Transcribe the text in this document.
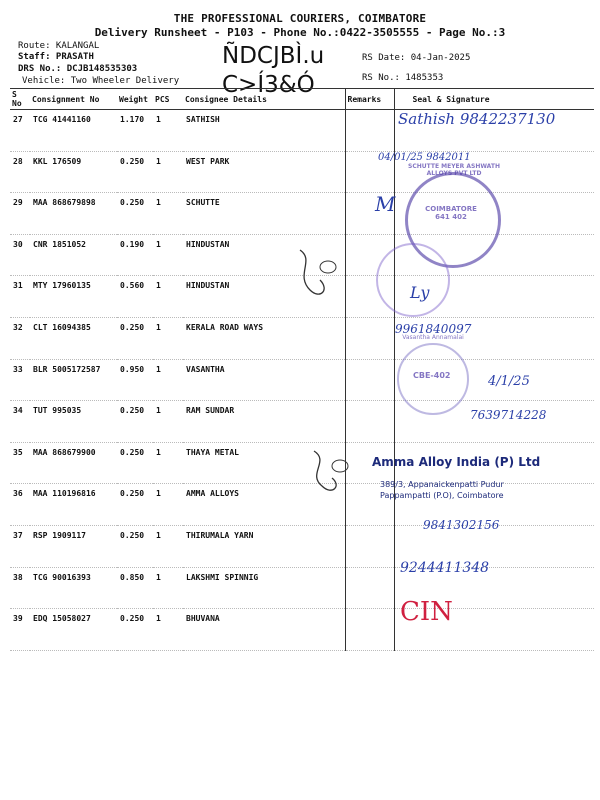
THE PROFESSIONAL COURIERS, COIMBATORE
Delivery Runsheet - P103 - Phone No.:0422-3505555 - Page No.:3
Route: KALANGAL
Staff: PRASATH
DRS No.: DCJB148535303
Vehicle: Two Wheeler Delivery
RS Date: 04-Jan-2025
RS No.: 1485353
ÑDCJBÌ.u
C>Í3&Ó
S No	Consignment No	Weight	PCS	Consignee Details	Remarks	Seal & Signature
27	TCG 41441160	1.170	1	SATHISH		
28	KKL 176509	0.250	1	WEST PARK		
29	MAA 868679898	0.250	1	SCHUTTE		
30	CNR 1851052	0.190	1	HINDUSTAN		
31	MTY 17960135	0.560	1	HINDUSTAN		
32	CLT 16094385	0.250	1	KERALA ROAD WAYS		
33	BLR 5005172587	0.950	1	VASANTHA		
34	TUT 995035	0.250	1	RAM SUNDAR		
35	MAA 868679900	0.250	1	THAYA METAL		
36	MAA 110196816	0.250	1	AMMA ALLOYS		
37	RSP 1909117	0.250	1	THIRUMALA YARN		
38	TCG 90016393	0.850	1	LAKSHMI SPINNIG		
39	EDQ 15058027	0.250	1	BHUVANA		
Sathish 9842237130
04/01/25 9842011
M
Ly
9961840097
4/1/25
7639714228
9841302156
9244411348
CIN
COIMBATORE 641 402
SCHUTTE MEYER ASHWATH ALLOYS PVT LTD
CBE-402
Vasantha Annamalai
Amma Alloy India (P) Ltd
389/3, Appanaickenpatti Pudur
Pappampatti (P.O), Coimbatore
